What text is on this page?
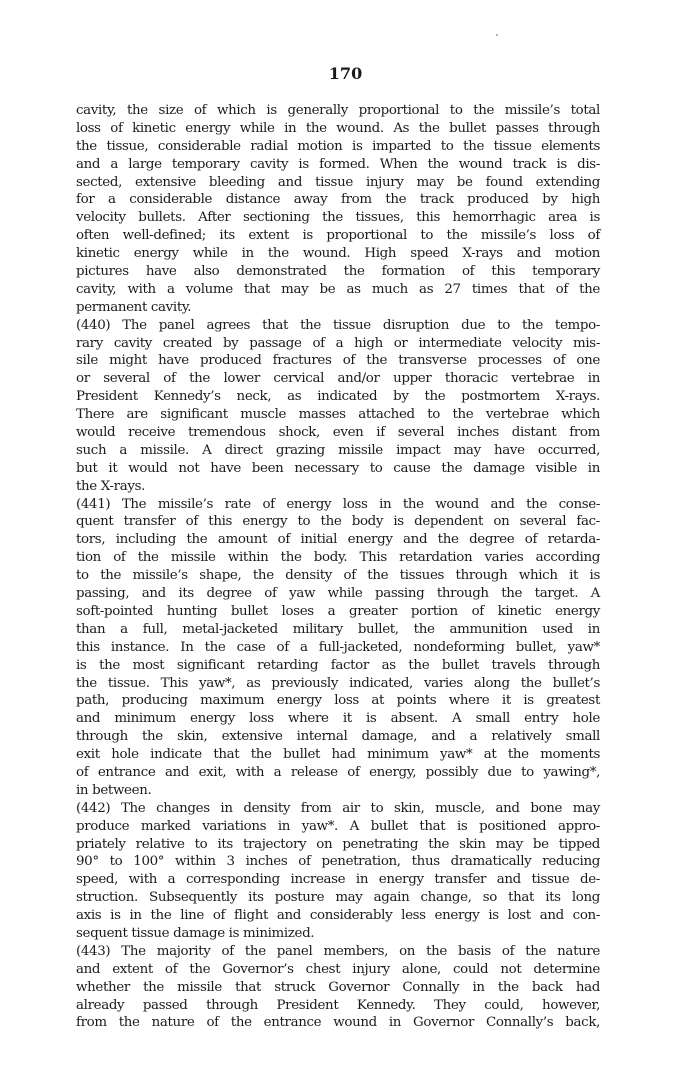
170
cavity, the size of which is generally proportional to the missile’s total
loss of kinetic energy while in the wound. As the bullet passes through
the tissue, considerable radial motion is imparted to the tissue elements
and a large temporary cavity is formed. When the wound track is dis-
sected, extensive bleeding and tissue injury may be found extending
for a considerable distance away from the track produced by high
velocity bullets. After sectioning the tissues, this hemorrhagic area is
often well-defined; its extent is proportional to the missile’s loss of
kinetic energy while in the wound. High speed X-rays and motion
pictures have also demonstrated the formation of this temporary
cavity, with a volume that may be as much as 27 times that of the
permanent cavity.
(440) The panel agrees that the tissue disruption due to the tempo-
rary cavity created by passage of a high or intermediate velocity mis-
sile might have produced fractures of the transverse processes of one
or several of the lower cervical and/or upper thoracic vertebrae in
President Kennedy’s neck, as indicated by the postmortem X-rays.
There are significant muscle masses attached to the vertebrae which
would receive tremendous shock, even if several inches distant from
such a missile. A direct grazing missile impact may have occurred,
but it would not have been necessary to cause the damage visible in
the X-rays.
(441) The missile’s rate of energy loss in the wound and the conse-
quent transfer of this energy to the body is dependent on several fac-
tors, including the amount of initial energy and the degree of retarda-
tion of the missile within the body. This retardation varies according
to the missile’s shape, the density of the tissues through which it is
passing, and its degree of yaw while passing through the target. A
soft-pointed hunting bullet loses a greater portion of kinetic energy
than a full, metal-jacketed military bullet, the ammunition used in
this instance. In the case of a full-jacketed, nondeforming bullet, yaw*
is the most significant retarding factor as the bullet travels through
the tissue. This yaw*, as previously indicated, varies along the bullet’s
path, producing maximum energy loss at points where it is greatest
and minimum energy loss where it is absent. A small entry hole
through the skin, extensive internal damage, and a relatively small
exit hole indicate that the bullet had minimum yaw* at the moments
of entrance and exit, with a release of energy, possibly due to yawing*,
in between.
(442) The changes in density from air to skin, muscle, and bone may
produce marked variations in yaw*. A bullet that is positioned appro-
priately relative to its trajectory on penetrating the skin may be tipped
90° to 100° within 3 inches of penetration, thus dramatically reducing
speed, with a corresponding increase in energy transfer and tissue de-
struction. Subsequently its posture may again change, so that its long
axis is in the line of flight and considerably less energy is lost and con-
sequent tissue damage is minimized.
(443) The majority of the panel members, on the basis of the nature
and extent of the Governor’s chest injury alone, could not determine
whether the missile that struck Governor Connally in the back had
already passed through President Kennedy. They could, however,
from the nature of the entrance wound in Governor Connally’s back,
